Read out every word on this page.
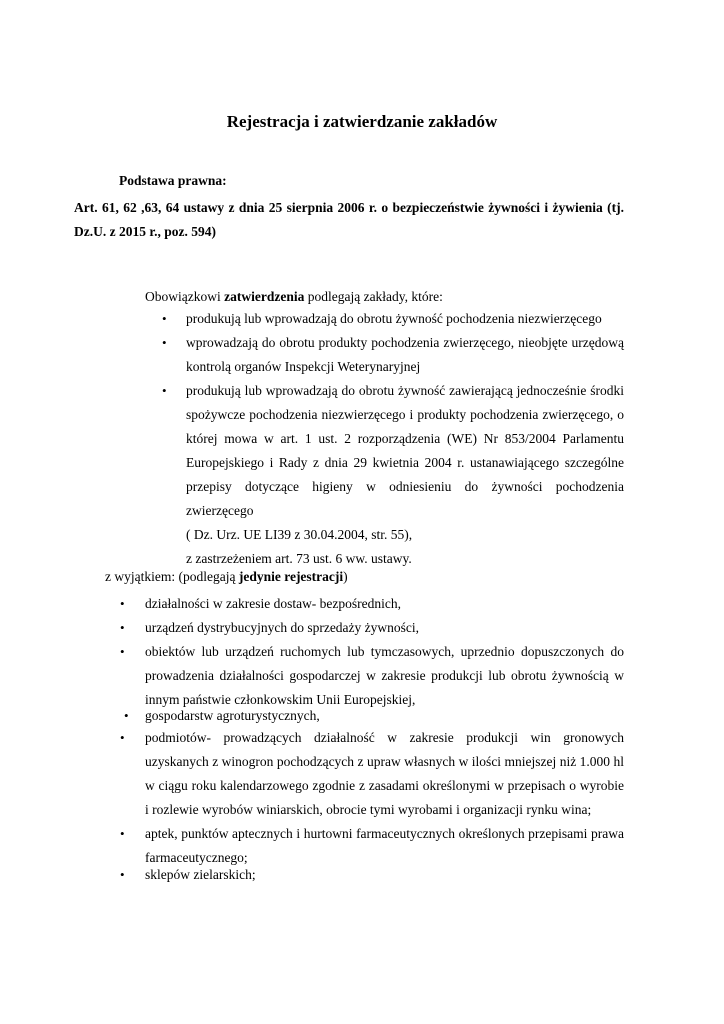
Rejestracja i zatwierdzanie zakładów
Podstawa prawna:
Art. 61, 62 ,63, 64 ustawy z dnia 25 sierpnia 2006 r. o bezpieczeństwie żywności i żywienia (tj. Dz.U. z 2015 r., poz. 594)
Obowiązkowi zatwierdzenia podlegają zakłady, które:
• produkują lub wprowadzają do obrotu żywność pochodzenia niezwierzęcego
• wprowadzają do obrotu produkty pochodzenia zwierzęcego, nieobjęte urzędową kontrolą organów Inspekcji Weterynaryjnej
• produkują lub wprowadzają do obrotu żywność zawierającą jednocześnie środki spożywcze pochodzenia niezwierzęcego i produkty pochodzenia zwierzęcego, o której mowa w art. 1 ust. 2 rozporządzenia (WE) Nr 853/2004 Parlamentu Europejskiego i Rady z dnia 29 kwietnia 2004 r. ustanawiającego szczególne przepisy dotyczące higieny w odniesieniu do żywności pochodzenia zwierzęcego
( Dz. Urz. UE LI39 z 30.04.2004, str. 55),
z zastrzeżeniem art. 73 ust. 6 ww. ustawy.
z wyjątkiem: (podlegają jedynie rejestracji)
• działalności w zakresie dostaw- bezpośrednich,
• urządzeń dystrybucyjnych do sprzedaży żywności,
• obiektów lub urządzeń ruchomych lub tymczasowych, uprzednio dopuszczonych do prowadzenia działalności gospodarczej w zakresie produkcji lub obrotu żywnością w innym państwie członkowskim Unii Europejskiej,
• gospodarstw agroturystycznych,
• podmiotów- prowadzących działalność w zakresie produkcji win gronowych uzyskanych z winogron pochodzących z upraw własnych w ilości mniejszej niż 1.000 hl w ciągu roku kalendarzowego zgodnie z zasadami określonymi w przepisach o wyrobie i rozlewie wyrobów winiarskich, obrocie tymi wyrobami i organizacji rynku wina;
• aptek, punktów aptecznych i hurtowni farmaceutycznych określonych przepisami prawa farmaceutycznego;
• sklepów zielarskich;
